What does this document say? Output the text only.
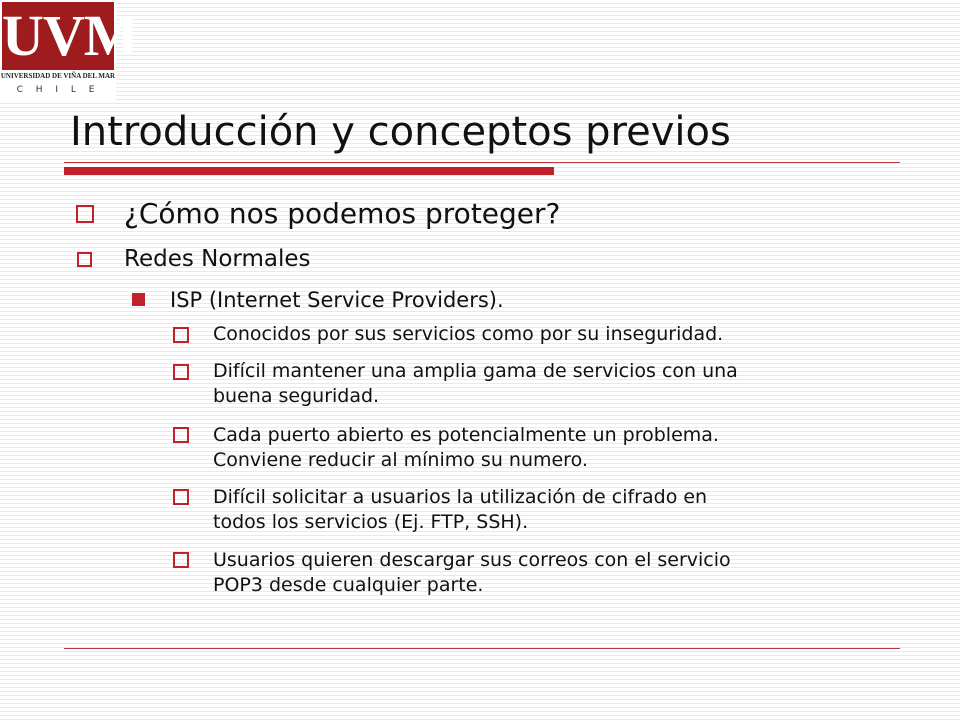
UVM
UNIVERSIDAD DE VIÑA DEL MAR
C H I L E
Introducción y conceptos previos
¿Cómo nos podemos proteger?
Redes Normales
ISP (Internet Service Providers).
Conocidos por sus servicios como por su inseguridad.
Difícil mantener una amplia gama de servicios con una
buena seguridad.
Cada puerto abierto es potencialmente un problema.
Conviene reducir al mínimo su numero.
Difícil solicitar a usuarios la utilización de cifrado en
todos los servicios (Ej. FTP, SSH).
Usuarios quieren descargar sus correos con el servicio
POP3 desde cualquier parte.
